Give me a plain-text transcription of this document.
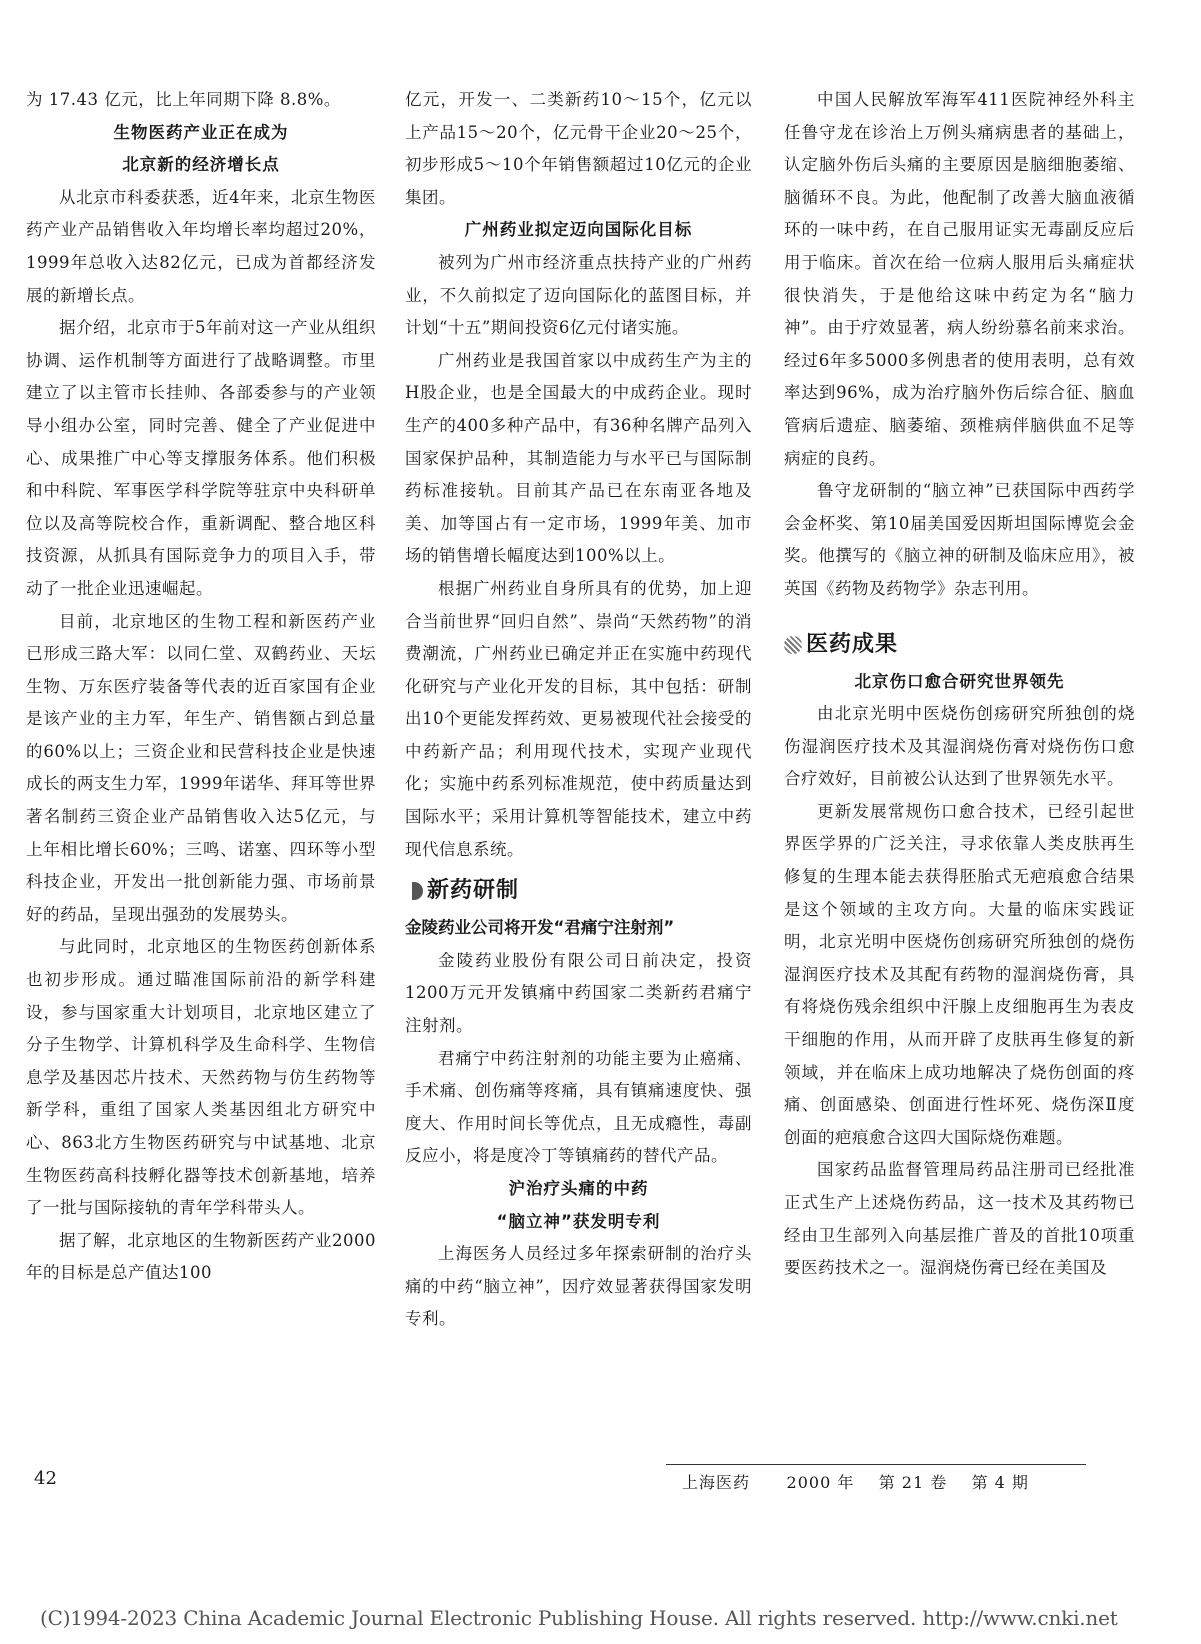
为 17.43 亿元，比上年同期下降 8.8%。

生物医药产业正在成为
北京新的经济增长点

从北京市科委获悉，近4年来，北京生物医药产业产品销售收入年均增长率均超过20%，1999年总收入达82亿元，已成为首都经济发展的新增长点。

据介绍，北京市于5年前对这一产业从组织协调、运作机制等方面进行了战略调整。市里建立了以主管市长挂帅、各部委参与的产业领导小组办公室，同时完善、健全了产业促进中心、成果推广中心等支撑服务体系。他们积极和中科院、军事医学科学院等驻京中央科研单位以及高等院校合作，重新调配、整合地区科技资源，从抓具有国际竞争力的项目入手，带动了一批企业迅速崛起。

目前，北京地区的生物工程和新医药产业已形成三路大军：以同仁堂、双鹤药业、天坛生物、万东医疗装备等代表的近百家国有企业是该产业的主力军，年生产、销售额占到总量的60%以上；三资企业和民营科技企业是快速成长的两支生力军，1999年诺华、拜耳等世界著名制药三资企业产品销售收入达5亿元，与上年相比增长60%；三鸣、诺塞、四环等小型科技企业，开发出一批创新能力强、市场前景好的药品，呈现出强劲的发展势头。

与此同时，北京地区的生物医药创新体系也初步形成。通过瞄准国际前沿的新学科建设，参与国家重大计划项目，北京地区建立了分子生物学、计算机科学及生命科学、生物信息学及基因芯片技术、天然药物与仿生药物等新学科，重组了国家人类基因组北方研究中心、863北方生物医药研究与中试基地、北京生物医药高科技孵化器等技术创新基地，培养了一批与国际接轨的青年学科带头人。

据了解，北京地区的生物新医药产业2000年的目标是总产值达100

亿元，开发一、二类新药10～15个，亿元以上产品15～20个，亿元骨干企业20～25个，初步形成5～10个年销售额超过10亿元的企业集团。

广州药业拟定迈向国际化目标

被列为广州市经济重点扶持产业的广州药业，不久前拟定了迈向国际化的蓝图目标，并计划“十五”期间投资6亿元付诸实施。

广州药业是我国首家以中成药生产为主的H股企业，也是全国最大的中成药企业。现时生产的400多种产品中，有36种名牌产品列入国家保护品种，其制造能力与水平已与国际制药标准接轨。目前其产品已在东南亚各地及美、加等国占有一定市场，1999年美、加市场的销售增长幅度达到100%以上。

根据广州药业自身所具有的优势，加上迎合当前世界“回归自然”、崇尚“天然药物”的消费潮流，广州药业已确定并正在实施中药现代化研究与产业化开发的目标，其中包括：研制出10个更能发挥药效、更易被现代社会接受的中药新产品；利用现代技术，实现产业现代化；实施中药系列标准规范，使中药质量达到国际水平；采用计算机等智能技术，建立中药现代信息系统。

新药研制
金陵药业公司将开发“君痛宁注射剂”

金陵药业股份有限公司日前决定，投资1200万元开发镇痛中药国家二类新药君痛宁注射剂。

君痛宁中药注射剂的功能主要为止癌痛、手术痛、创伤痛等疼痛，具有镇痛速度快、强度大、作用时间长等优点，且无成瘾性，毒副反应小，将是度冷丁等镇痛药的替代产品。

沪治疗头痛的中药
“脑立神”获发明专利

上海医务人员经过多年探索研制的治疗头痛的中药“脑立神”，因疗效显著获得国家发明专利。

中国人民解放军海军411医院神经外科主任鲁守龙在诊治上万例头痛病患者的基础上，认定脑外伤后头痛的主要原因是脑细胞萎缩、脑循环不良。为此，他配制了改善大脑血液循环的一味中药，在自己服用证实无毒副反应后用于临床。首次在给一位病人服用后头痛症状很快消失，于是他给这味中药定为名“脑力神”。由于疗效显著，病人纷纷慕名前来求治。经过6年多5000多例患者的使用表明，总有效率达到96%，成为治疗脑外伤后综合征、脑血管病后遗症、脑萎缩、颈椎病伴脑供血不足等病症的良药。

鲁守龙研制的“脑立神”已获国际中西药学会金杯奖、第10届美国爱因斯坦国际博览会金奖。他撰写的《脑立神的研制及临床应用》，被英国《药物及药物学》杂志刊用。

医药成果
北京伤口愈合研究世界领先

由北京光明中医烧伤创疡研究所独创的烧伤湿润医疗技术及其湿润烧伤膏对烧伤伤口愈合疗效好，目前被公认达到了世界领先水平。

更新发展常规伤口愈合技术，已经引起世界医学界的广泛关注，寻求依靠人类皮肤再生修复的生理本能去获得胚胎式无疤痕愈合结果是这个领域的主攻方向。大量的临床实践证明，北京光明中医烧伤创疡研究所独创的烧伤湿润医疗技术及其配有药物的湿润烧伤膏，具有将烧伤残余组织中汗腺上皮细胞再生为表皮干细胞的作用，从而开辟了皮肤再生修复的新领域，并在临床上成功地解决了烧伤创面的疼痛、创面感染、创面进行性坏死、烧伤深Ⅱ度创面的疤痕愈合这四大国际烧伤难题。

国家药品监督管理局药品注册司已经批准正式生产上述烧伤药品，这一技术及其药物已经由卫生部列入向基层推广普及的首批10项重要医药技术之一。湿润烧伤膏已经在美国及

42	上海医药 2000 年 第 21 卷 第 4 期
(C)1994-2023 China Academic Journal Electronic Publishing House. All rights reserved. http://www.cnki.net
